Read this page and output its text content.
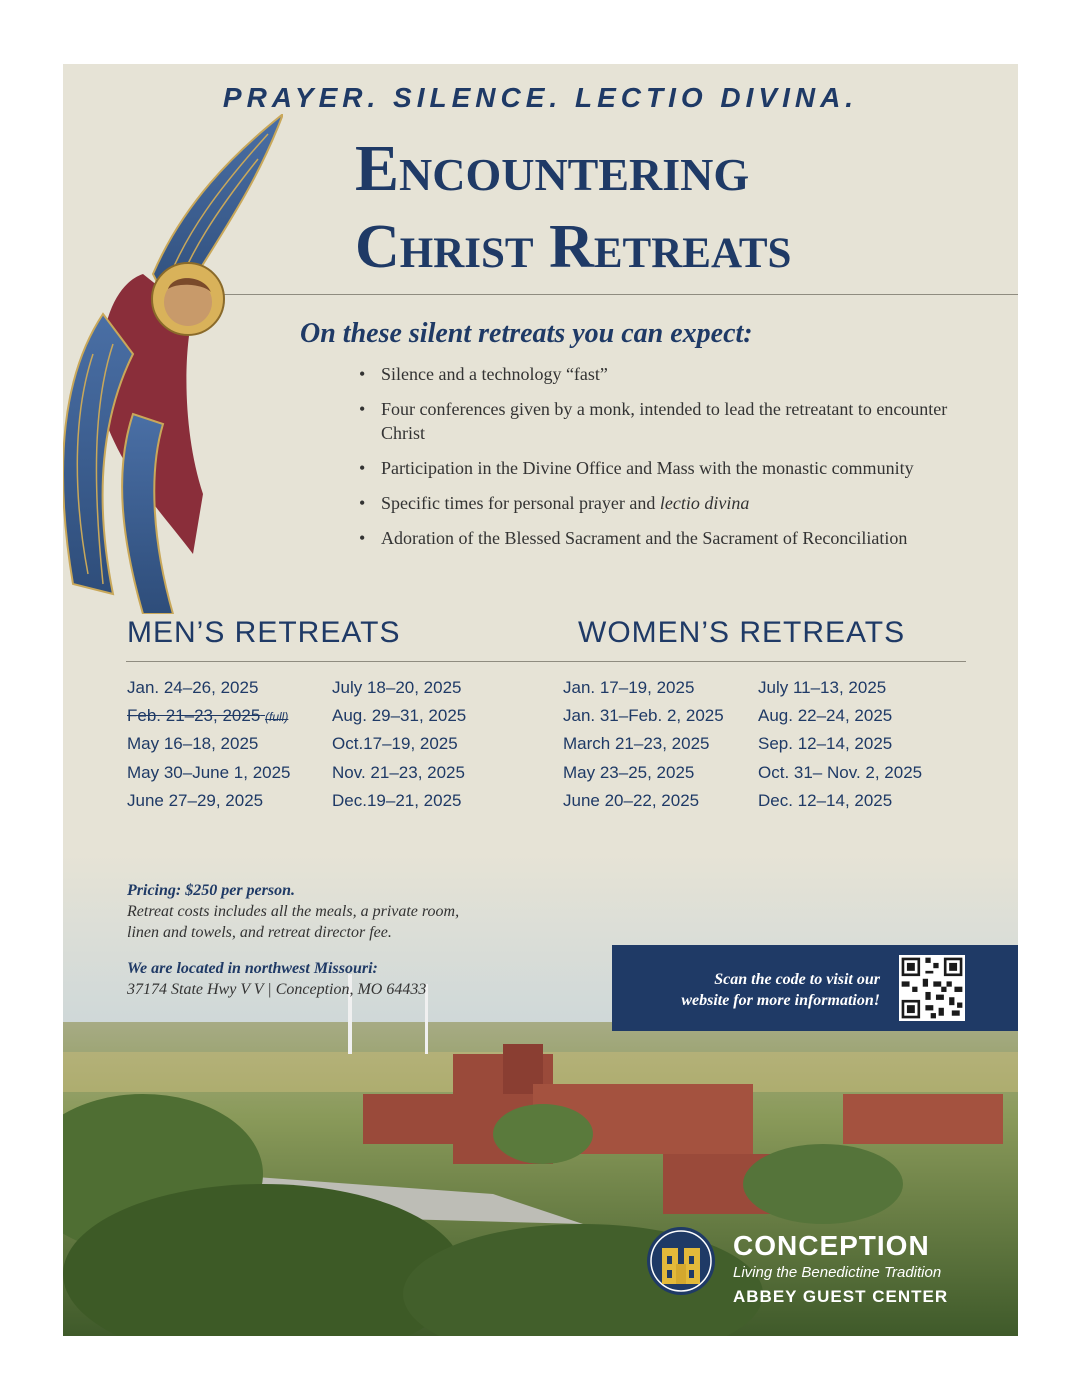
PRAYER. SILENCE. LECTIO DIVINA.
Encountering
Christ Retreats
On these silent retreats you can expect:
• Silence and a technology “fast”
• Four conferences given by a monk, intended to lead the retreatant to encounter Christ
• Participation in the Divine Office and Mass with the monastic community
• Specific times for personal prayer and lectio divina
• Adoration of the Blessed Sacrament and the Sacrament of Reconciliation
MEN’S RETREATS	WOMEN’S RETREATS
Jan. 24–26, 2025
Feb. 21–23, 2025 (full)
May 16–18, 2025
May 30–June 1, 2025
June 27–29, 2025
July 18–20, 2025
Aug. 29–31, 2025
Oct.17–19, 2025
Nov. 21–23, 2025
Dec.19–21, 2025
Jan. 17–19, 2025
Jan. 31–Feb. 2, 2025
March 21–23, 2025
May 23–25, 2025
June 20–22, 2025
July 11–13, 2025
Aug. 22–24, 2025
Sep. 12–14, 2025
Oct. 31– Nov. 2, 2025
Dec. 12–14, 2025
Pricing: $250 per person.
Retreat costs includes all the meals, a private room,
linen and towels, and retreat director fee.
We are located in northwest Missouri:
37174 State Hwy V V | Conception, MO 64433
Scan the code to visit our
website for more information!
CONCEPTION
Living the Benedictine Tradition
ABBEY GUEST CENTER
